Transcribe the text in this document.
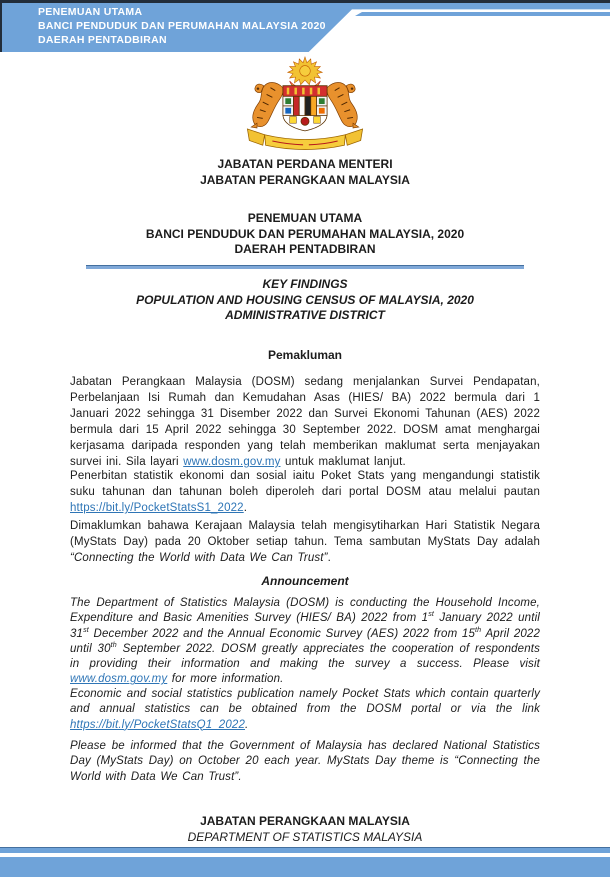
PENEMUAN UTAMA
BANCI PENDUDUK DAN PERUMAHAN MALAYSIA 2020
DAERAH PENTADBIRAN
JABATAN PERDANA MENTERI
JABATAN PERANGKAAN MALAYSIA
PENEMUAN UTAMA
BANCI PENDUDUK DAN PERUMAHAN MALAYSIA, 2020
DAERAH PENTADBIRAN
KEY FINDINGS
POPULATION AND HOUSING CENSUS OF MALAYSIA, 2020
ADMINISTRATIVE DISTRICT
Pemakluman
Jabatan Perangkaan Malaysia (DOSM) sedang menjalankan Survei Pendapatan, Perbelanjaan Isi Rumah dan Kemudahan Asas (HIES/ BA) 2022 bermula dari 1 Januari 2022 sehingga 31 Disember 2022 dan Survei Ekonomi Tahunan (AES) 2022 bermula dari 15 April 2022 sehingga 30 September 2022. DOSM amat menghargai kerjasama daripada responden yang telah memberikan maklumat serta menjayakan survei ini. Sila layari www.dosm.gov.my untuk maklumat lanjut.
Penerbitan statistik ekonomi dan sosial iaitu Poket Stats yang mengandungi statistik suku tahunan dan tahunan boleh diperoleh dari portal DOSM atau melalui pautan https://bit.ly/PocketStatsS1_2022.
Dimaklumkan bahawa Kerajaan Malaysia telah mengisytiharkan Hari Statistik Negara (MyStats Day) pada 20 Oktober setiap tahun. Tema sambutan MyStats Day adalah “Connecting the World with Data We Can Trust”.
Announcement
The Department of Statistics Malaysia (DOSM) is conducting the Household Income, Expenditure and Basic Amenities Survey (HIES/ BA) 2022 from 1st January 2022 until 31st December 2022 and the Annual Economic Survey (AES) 2022 from 15th April 2022 until 30th September 2022. DOSM greatly appreciates the cooperation of respondents in providing their information and making the survey a success. Please visit www.dosm.gov.my for more information.
Economic and social statistics publication namely Pocket Stats which contain quarterly and annual statistics can be obtained from the DOSM portal or via the link https://bit.ly/PocketStatsQ1_2022.
Please be informed that the Government of Malaysia has declared National Statistics Day (MyStats Day) on October 20 each year. MyStats Day theme is “Connecting the World with Data We Can Trust”.
JABATAN PERANGKAAN MALAYSIA
DEPARTMENT OF STATISTICS MALAYSIA
